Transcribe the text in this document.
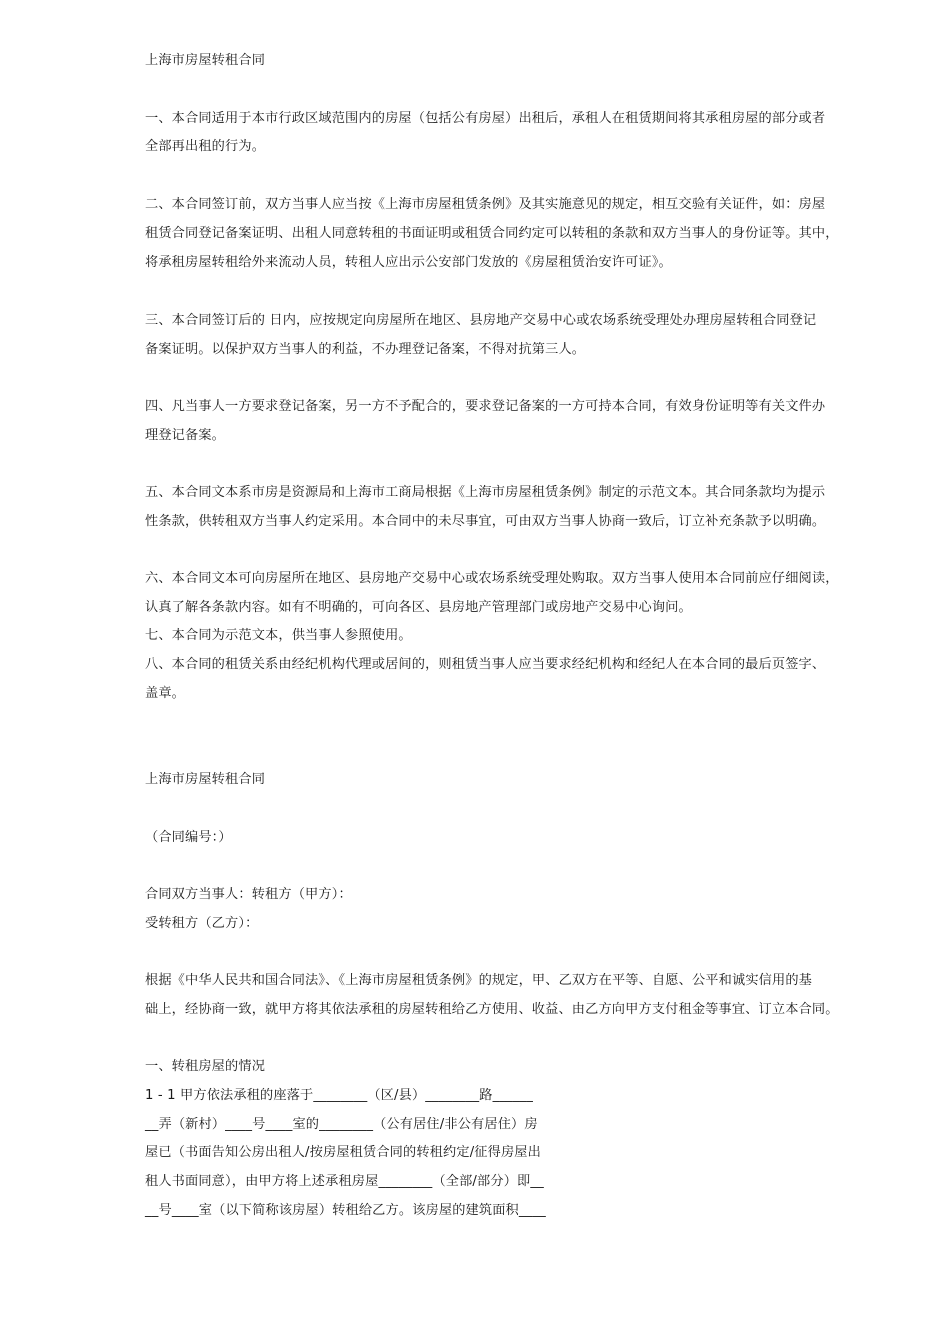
上海市房屋转租合同
一、本合同适用于本市行政区域范围内的房屋（包括公有房屋）出租后，承租人在租赁期间将其承租房屋的部分或者
全部再出租的行为。
二、本合同签订前，双方当事人应当按《上海市房屋租赁条例》及其实施意见的规定，相互交验有关证件，如：房屋
租赁合同登记备案证明、出租人同意转租的书面证明或租赁合同约定可以转租的条款和双方当事人的身份证等。其中，
将承租房屋转租给外来流动人员，转租人应出示公安部门发放的《房屋租赁治安许可证》。
三、本合同签订后的 日内，应按规定向房屋所在地区、县房地产交易中心或农场系统受理处办理房屋转租合同登记
备案证明。以保护双方当事人的利益，不办理登记备案，不得对抗第三人。
四、凡当事人一方要求登记备案，另一方不予配合的，要求登记备案的一方可持本合同，有效身份证明等有关文件办
理登记备案。
五、本合同文本系市房是资源局和上海市工商局根据《上海市房屋租赁条例》制定的示范文本。其合同条款均为提示
性条款，供转租双方当事人约定采用。本合同中的未尽事宜，可由双方当事人协商一致后，订立补充条款予以明确。
六、本合同文本可向房屋所在地区、县房地产交易中心或农场系统受理处购取。双方当事人使用本合同前应仔细阅读，
认真了解各条款内容。如有不明确的，可向各区、县房地产管理部门或房地产交易中心询问。
七、本合同为示范文本，供当事人参照使用。
八、本合同的租赁关系由经纪机构代理或居间的，则租赁当事人应当要求经纪机构和经纪人在本合同的最后页签字、
盖章。
上海市房屋转租合同
（合同编号：）
合同双方当事人：转租方（甲方）：
受转租方（乙方）：
根据《中华人民共和国合同法》、《上海市房屋租赁条例》的规定，甲、乙双方在平等、自愿、公平和诚实信用的基
础上，经协商一致，就甲方将其依法承租的房屋转租给乙方使用、收益、由乙方向甲方支付租金等事宜、订立本合同。
一、转租房屋的情况
1 - 1 甲方依法承租的座落于________（区/县）________路______
__弄（新村）____号____室的________（公有居住/非公有居住）房
屋已（书面告知公房出租人/按房屋租赁合同的转租约定/征得房屋出
租人书面同意），由甲方将上述承租房屋________（全部/部分）即__
__号____室（以下简称该房屋）转租给乙方。该房屋的建筑面积____
